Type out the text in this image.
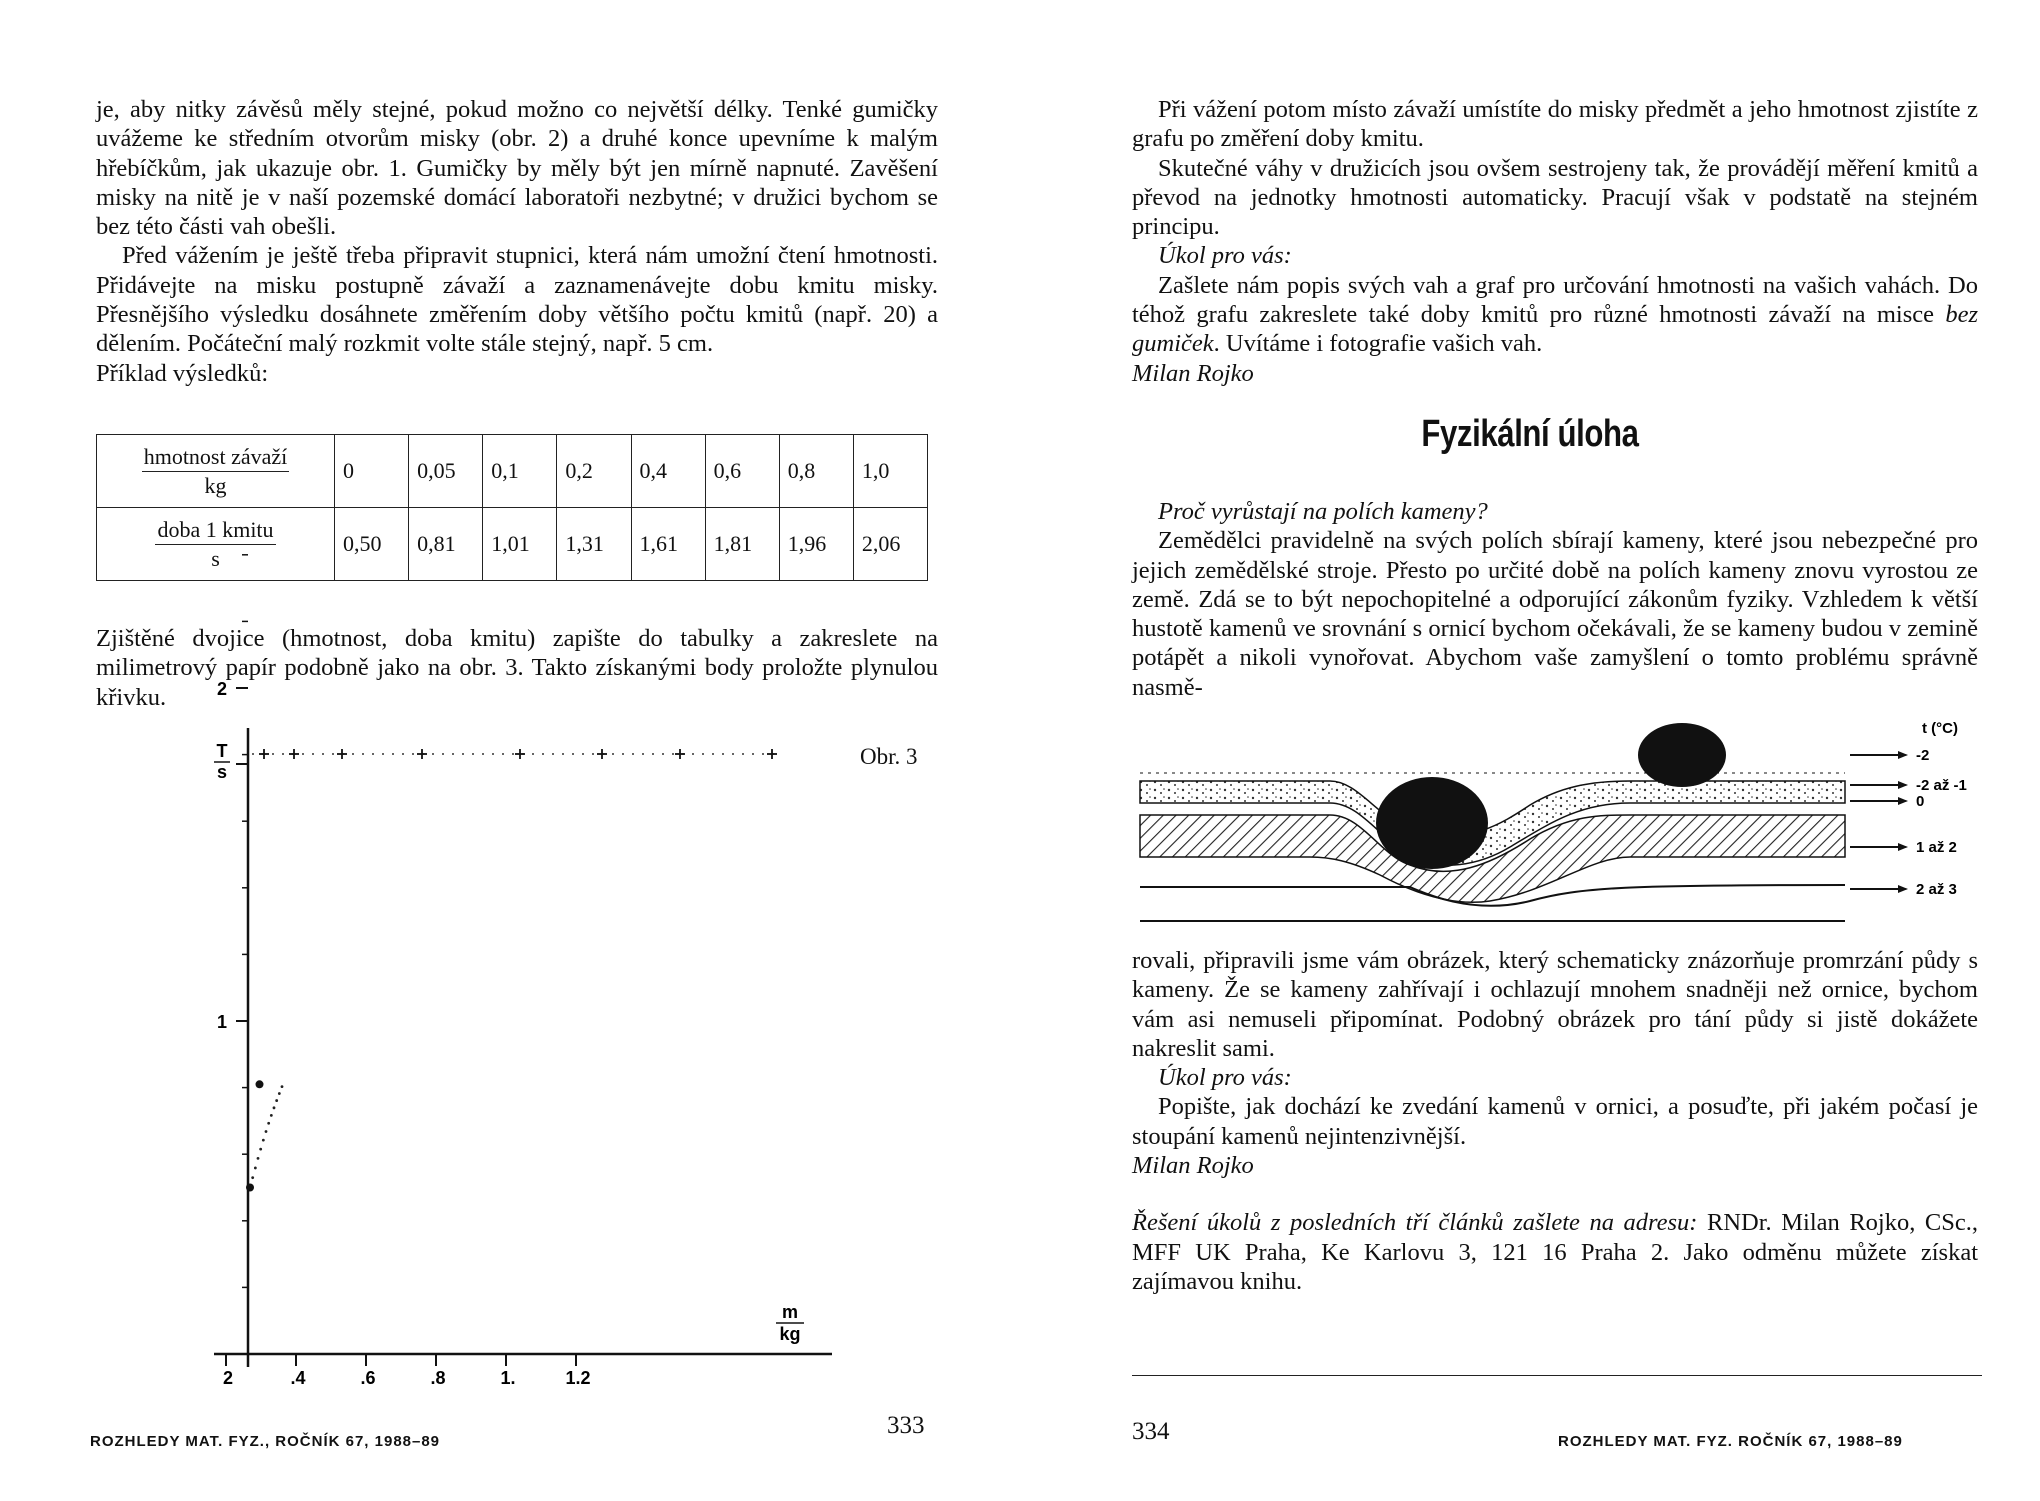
je, aby nitky závěsů měly stejné, pokud možno co největší délky. Tenké gumičky uvážeme ke středním otvorům misky (obr. 2) a druhé konce upevníme k malým hřebíčkům, jak ukazuje obr. 1. Gumičky by měly být jen mírně napnuté. Zavěšení misky na nitě je v naší pozemské domácí laboratoři nezbytné; v družici bychom se bez této části vah obešli.

Před vážením je ještě třeba připravit stupnici, která nám umožní čtení hmotnosti. Přidávejte na misku postupně závaží a zaznamenávejte dobu kmitu misky. Přesnějšího výsledku dosáhnete změřením doby většího počtu kmitů (např. 20) a dělením. Počáteční malý rozkmit volte stále stejný, např. 5 cm.

Příklad výsledků:

$\frac{\text{hmotnost závaží}}{kg}$	0	0,05	0,1	0,2	0,4	0,6	0,8	1,0

$\frac{\text{doba 1 kmitu}}{s}$	0,50	0,81	1,01	1,31	1,61	1,81	1,96	2,06

Zjištěné dvojice (hmotnost, doba kmitu) zapište do tabulky a zakreslete na milimetrový papír podobně jako na obr. 3. Takto získanými body proložte plynulou křivku.	2
1
2	.4	.6	.8	1.	1.2
T
s
m
kg
Obr. 3
ROZHLEDY MAT. FYZ., ROČNÍK 67, 1988–89
333

Při vážení potom místo závaží umístíte do misky předmět a jeho hmotnost zjistíte z grafu po změření doby kmitu.

Skutečné váhy v družicích jsou ovšem sestrojeny tak, že provádějí měření kmitů a převod na jednotky hmotnosti automaticky. Pracují však v podstatě na stejném principu.

Úkol pro vás:

Zašlete nám popis svých vah a graf pro určování hmotnosti na vašich vahách. Do téhož grafu zakreslete také doby kmitů pro různé hmotnosti závaží na misce bez gumiček. Uvítáme i fotografie vašich vah.

Milan Rojko

Fyzikální úloha

Proč vyrůstají na polích kameny?

Zemědělci pravidelně na svých polích sbírají kameny, které jsou nebezpečné pro jejich zemědělské stroje. Přesto po určité době na polích kameny znovu vyrostou ze země. Zdá se to být nepochopitelné a odporující zákonům fyziky. Vzhledem k větší hustotě kamenů ve srovnání s ornicí bychom očekávali, že se kameny budou v zemině potápět a nikoli vynořovat. Abychom vaše zamyšlení o tomto problému správně nasmě-

t (°C)
-2
-2 až -1
0
1 až 2
2 až 3

rovali, připravili jsme vám obrázek, který schematicky znázorňuje promrzání půdy s kameny. Že se kameny zahřívají i ochlazují mnohem snadněji než ornice, bychom vám asi nemuseli připomínat. Podobný obrázek pro tání půdy si jistě dokážete nakreslit sami.

Úkol pro vás:

Popište, jak dochází ke zvedání kamenů v ornici, a posuďte, při jakém počasí je stoupání kamenů nejintenzivnější.

Milan Rojko

Řešení úkolů z posledních tří článků zašlete na adresu: RNDr. Milan Rojko, CSc., MFF UK Praha, Ke Karlovu 3, 121 16 Praha 2. Jako odměnu můžete získat zajímavou knihu.

334	ROZHLEDY MAT. FYZ. ROČNÍK 67, 1988–89
